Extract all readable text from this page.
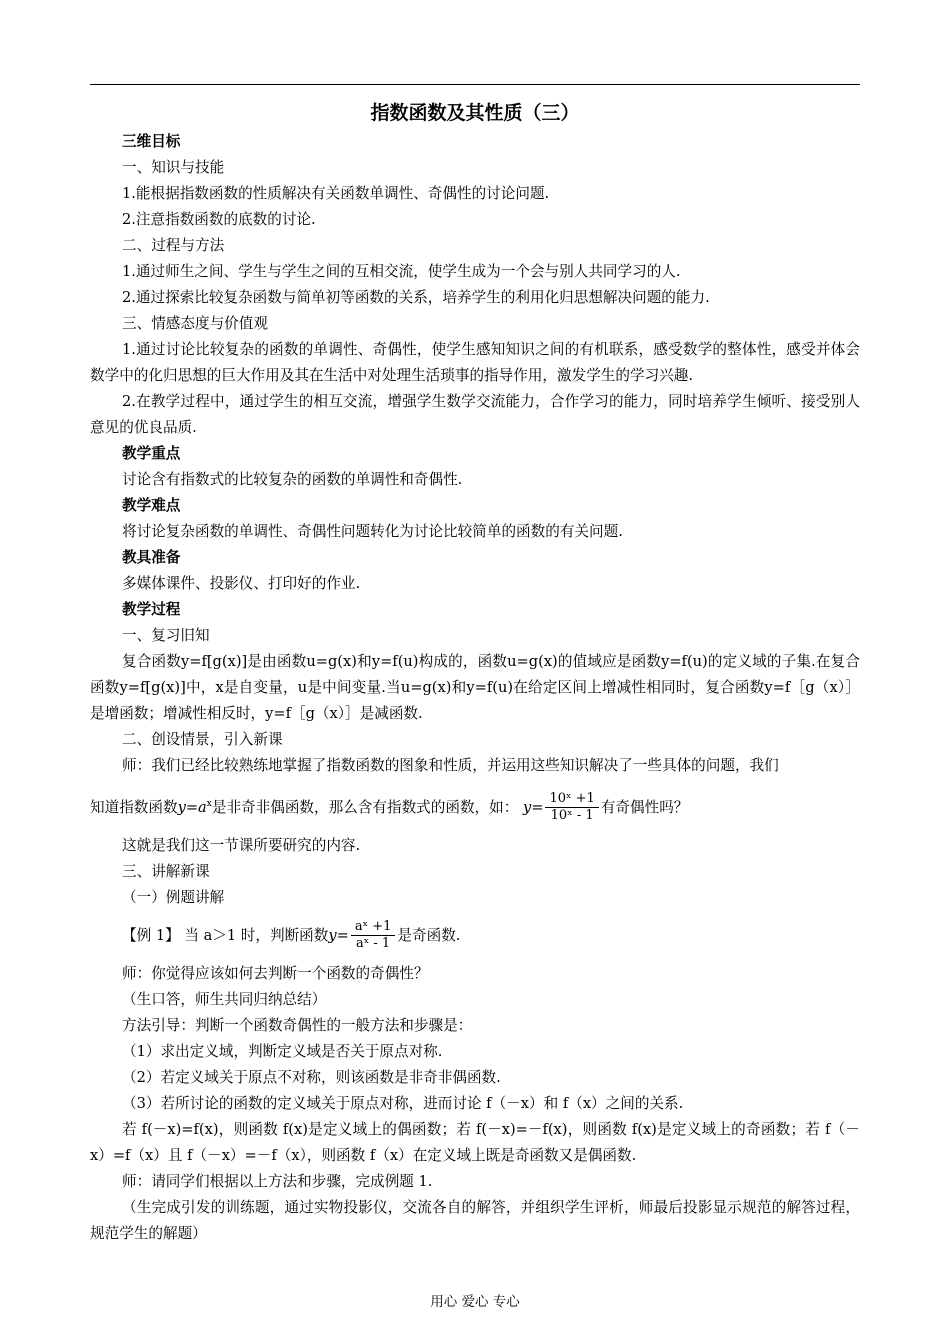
指数函数及其性质（三）

三维目标

一、知识与技能

1.能根据指数函数的性质解决有关函数单调性、奇偶性的讨论问题.

2.注意指数函数的底数的讨论.

二、过程与方法

1.通过师生之间、学生与学生之间的互相交流，使学生成为一个会与别人共同学习的人.

2.通过探索比较复杂函数与简单初等函数的关系，培养学生的利用化归思想解决问题的能力.

三、情感态度与价值观

1.通过讨论比较复杂的函数的单调性、奇偶性，使学生感知知识之间的有机联系，感受数学的整体性，感受并体会数学中的化归思想的巨大作用及其在生活中对处理生活琐事的指导作用，激发学生的学习兴趣.

2.在教学过程中，通过学生的相互交流，增强学生数学交流能力，合作学习的能力，同时培养学生倾听、接受别人意见的优良品质.

教学重点

讨论含有指数式的比较复杂的函数的单调性和奇偶性.

教学难点

将讨论复杂函数的单调性、奇偶性问题转化为讨论比较简单的函数的有关问题.

教具准备

多媒体课件、投影仪、打印好的作业.

教学过程

一、复习旧知

复合函数y=f[g(x)]是由函数u=g(x)和y=f(u)构成的，函数u=g(x)的值域应是函数y=f(u)的定义域的子集.在复合函数y=f[g(x)]中，x是自变量，u是中间变量.当u=g(x)和y=f(u)在给定区间上增减性相同时，复合函数y=f［g（x）］是增函数；增减性相反时，y=f［g（x）］是减函数.

二、创设情景，引入新课

师：我们已经比较熟练地掌握了指数函数的图象和性质，并运用这些知识解决了一些具体的问题，我们

知道指数函数$y=a^x$是非奇非偶函数，那么含有指数式的函数，如： $y= \frac{\text{10ˣ +1}}{\text{10ˣ - 1}}$ 有奇偶性吗？

这就是我们这一节课所要研究的内容.

三、讲解新课

（一）例题讲解

【例 1】 当 a＞1 时，判断函数$y= \frac{\text{aˣ +1}}{\text{aˣ - 1}}$ 是奇函数.

师：你觉得应该如何去判断一个函数的奇偶性？

（生口答，师生共同归纳总结）

方法引导：判断一个函数奇偶性的一般方法和步骤是：

（1）求出定义域，判断定义域是否关于原点对称.

（2）若定义域关于原点不对称，则该函数是非奇非偶函数.

（3）若所讨论的函数的定义域关于原点对称，进而讨论 f（－x）和 f（x）之间的关系.

若 f(－x)=f(x)，则函数 f(x)是定义域上的偶函数；若 f(－x)=－f(x)，则函数 f(x)是定义域上的奇函数；若 f（－x）=f（x）且 f（－x）=－f（x），则函数 f（x）在定义域上既是奇函数又是偶函数.

师：请同学们根据以上方法和步骤，完成例题 1.

（生完成引发的训练题，通过实物投影仪，交流各自的解答，并组织学生评析，师最后投影显示规范的解答过程，规范学生的解题）

用心 爱心 专心
